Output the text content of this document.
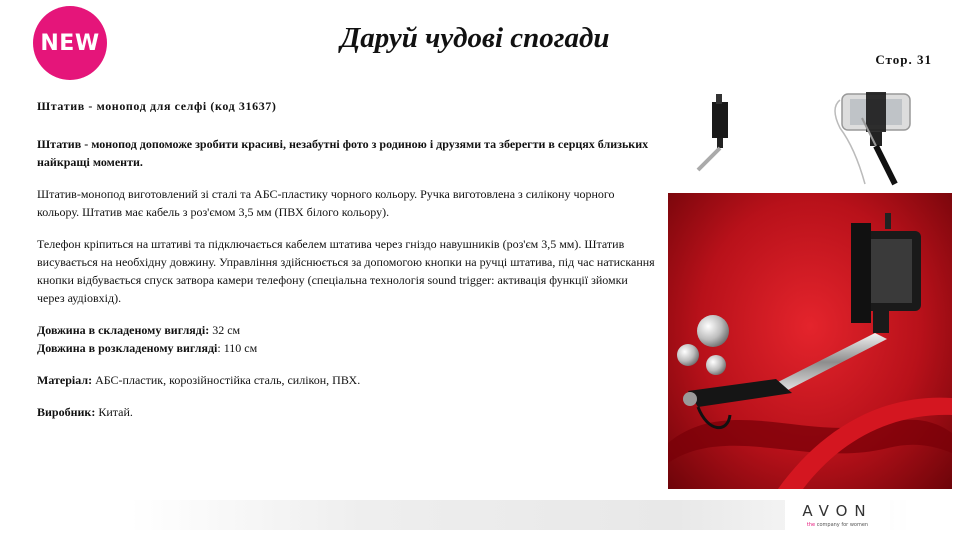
NEW	Даруй чудові спогади
Стор. 31

Штатив - монопод для селфі (код 31637)

Штатив - монопод допоможе зробити красиві, незабутні фото з родиною і друзями та зберегти в серцях близьких найкращі моменти.

Штатив-монопод виготовлений зі сталі та АБС-пластику чорного кольору. Ручка виготовлена з силікону чорного кольору. Штатив має кабель з роз'ємом 3,5 мм (ПВХ білого кольору).

Телефон кріпиться на штативі та підключається кабелем штатива через гніздо навушників (роз'єм 3,5 мм). Штатив висувається на необхідну довжину. Управління здійснюється за допомогою кнопки на ручці штатива, під час натискання кнопки відбувається спуск затвора камери телефону (спеціальна технологія sound trigger: активація функції зйомки через аудіовхід).

Довжина в складеному вигляді: 32 см

Довжина в розкладеному вигляді: 110 см

Матеріал: АБС-пластик, корозійностійка сталь, силікон, ПВХ.

Виробник: Китай.

AVON
the company for women
